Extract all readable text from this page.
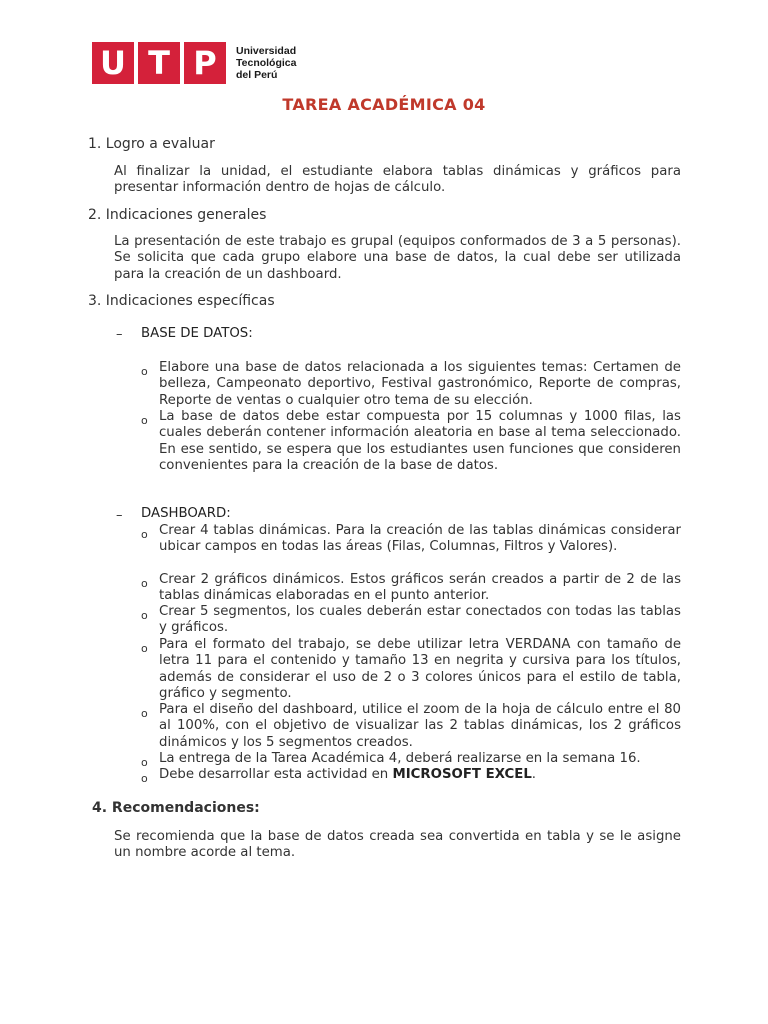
U T P	Universidad
Tecnológica
del Perú
TAREA ACADÉMICA 04
1. Logro a evaluar
Al finalizar la unidad, el estudiante elabora tablas dinámicas y gráficos para presentar información dentro de hojas de cálculo.
2. Indicaciones generales
La presentación de este trabajo es grupal (equipos conformados de 3 a 5 personas). Se solicita que cada grupo elabore una base de datos, la cual debe ser utilizada para la creación de un dashboard.
3. Indicaciones específicas
– BASE DE DATOS:
o Elabore una base de datos relacionada a los siguientes temas: Certamen de belleza, Campeonato deportivo, Festival gastronómico, Reporte de compras, Reporte de ventas o cualquier otro tema de su elección.
o La base de datos debe estar compuesta por 15 columnas y 1000 filas, las cuales deberán contener información aleatoria en base al tema seleccionado. En ese sentido, se espera que los estudiantes usen funciones que consideren convenientes para la creación de la base de datos.
– DASHBOARD:
o Crear 4 tablas dinámicas. Para la creación de las tablas dinámicas considerar ubicar campos en todas las áreas (Filas, Columnas, Filtros y Valores).
o Crear 2 gráficos dinámicos. Estos gráficos serán creados a partir de 2 de las tablas dinámicas elaboradas en el punto anterior.
o Crear 5 segmentos, los cuales deberán estar conectados con todas las tablas y gráficos.
o Para el formato del trabajo, se debe utilizar letra VERDANA con tamaño de letra 11 para el contenido y tamaño 13 en negrita y cursiva para los títulos, además de considerar el uso de 2 o 3 colores únicos para el estilo de tabla, gráfico y segmento.
o Para el diseño del dashboard, utilice el zoom de la hoja de cálculo entre el 80 al 100%, con el objetivo de visualizar las 2 tablas dinámicas, los 2 gráficos dinámicos y los 5 segmentos creados.
o La entrega de la Tarea Académica 4, deberá realizarse en la semana 16.
o Debe desarrollar esta actividad en MICROSOFT EXCEL.
4. Recomendaciones:
Se recomienda que la base de datos creada sea convertida en tabla y se le asigne un nombre acorde al tema.
